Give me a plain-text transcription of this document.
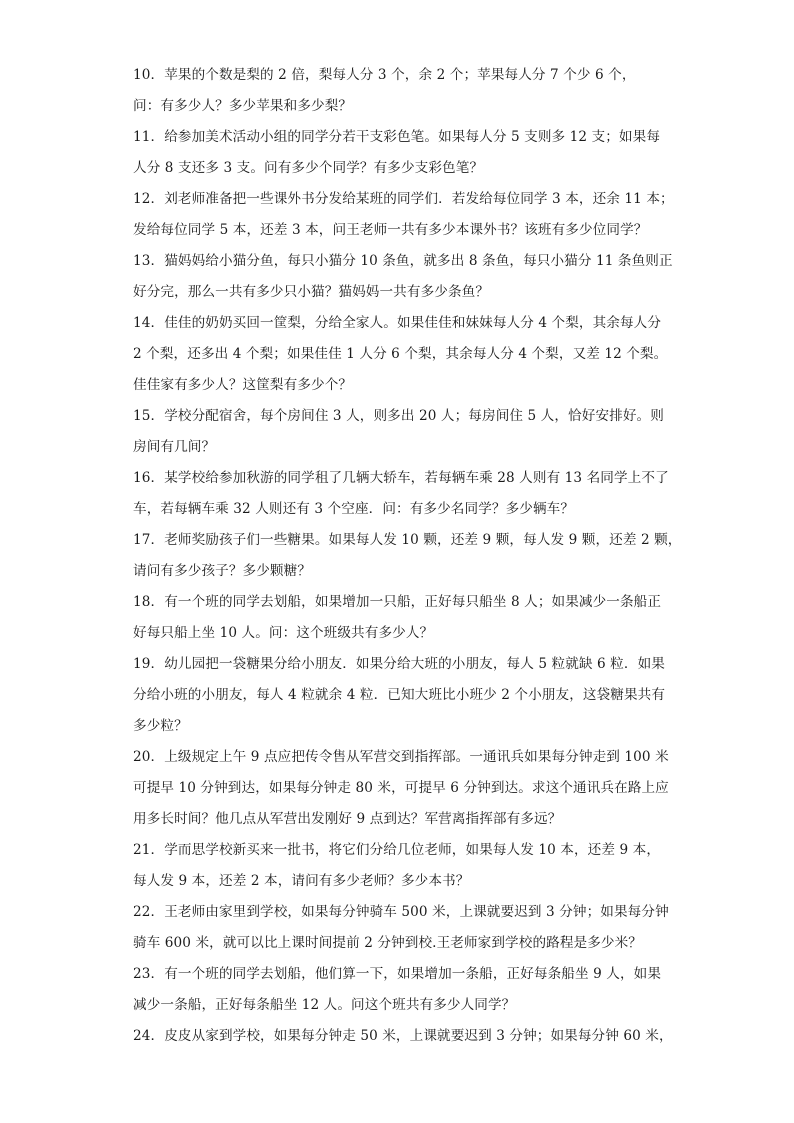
10．苹果的个数是梨的 2 倍，梨每人分 3 个，余 2 个；苹果每人分 7 个少 6 个，
问：有多少人？多少苹果和多少梨？
11．给参加美术活动小组的同学分若干支彩色笔。如果每人分 5 支则多 12 支；如果每
人分 8 支还多 3 支。问有多少个同学？有多少支彩色笔？
12．刘老师准备把一些课外书分发给某班的同学们．若发给每位同学 3 本，还余 11 本；
发给每位同学 5 本，还差 3 本，问王老师一共有多少本课外书？该班有多少位同学？
13．猫妈妈给小猫分鱼，每只小猫分 10 条鱼，就多出 8 条鱼，每只小猫分 11 条鱼则正
好分完，那么一共有多少只小猫？猫妈妈一共有多少条鱼？
14．佳佳的奶奶买回一筐梨，分给全家人。如果佳佳和妹妹每人分 4 个梨，其余每人分
2 个梨，还多出 4 个梨；如果佳佳 1 人分 6 个梨，其余每人分 4 个梨，又差 12 个梨。
佳佳家有多少人？这筐梨有多少个？
15．学校分配宿舍，每个房间住 3 人，则多出 20 人；每房间住 5 人，恰好安排好。则
房间有几间？
16．某学校给参加秋游的同学租了几辆大轿车，若每辆车乘 28 人则有 13 名同学上不了
车，若每辆车乘 32 人则还有 3 个空座．问：有多少名同学？多少辆车？
17．老师奖励孩子们一些糖果。如果每人发 10 颗，还差 9 颗，每人发 9 颗，还差 2 颗，
请问有多少孩子？多少颗糖？
18．有一个班的同学去划船，如果增加一只船，正好每只船坐 8 人；如果减少一条船正
好每只船上坐 10 人。问：这个班级共有多少人？
19．幼儿园把一袋糖果分给小朋友．如果分给大班的小朋友，每人 5 粒就缺 6 粒．如果
分给小班的小朋友，每人 4 粒就余 4 粒．已知大班比小班少 2 个小朋友，这袋糖果共有
多少粒？
20．上级规定上午 9 点应把传令售从军营交到指挥部。一通讯兵如果每分钟走到 100 米
可提早 10 分钟到达，如果每分钟走 80 米，可提早 6 分钟到达。求这个通讯兵在路上应
用多长时间？他几点从军营出发刚好 9 点到达？军营离指挥部有多远？
21．学而思学校新买来一批书，将它们分给几位老师，如果每人发 10 本，还差 9 本，
每人发 9 本，还差 2 本，请问有多少老师？多少本书？
22．王老师由家里到学校，如果每分钟骑车 500 米，上课就要迟到 3 分钟；如果每分钟
骑车 600 米，就可以比上课时间提前 2 分钟到校.王老师家到学校的路程是多少米？
23．有一个班的同学去划船，他们算一下，如果增加一条船，正好每条船坐 9 人，如果
减少一条船，正好每条船坐 12 人。问这个班共有多少人同学？
24．皮皮从家到学校，如果每分钟走 50 米，上课就要迟到 3 分钟；如果每分钟 60 米，
